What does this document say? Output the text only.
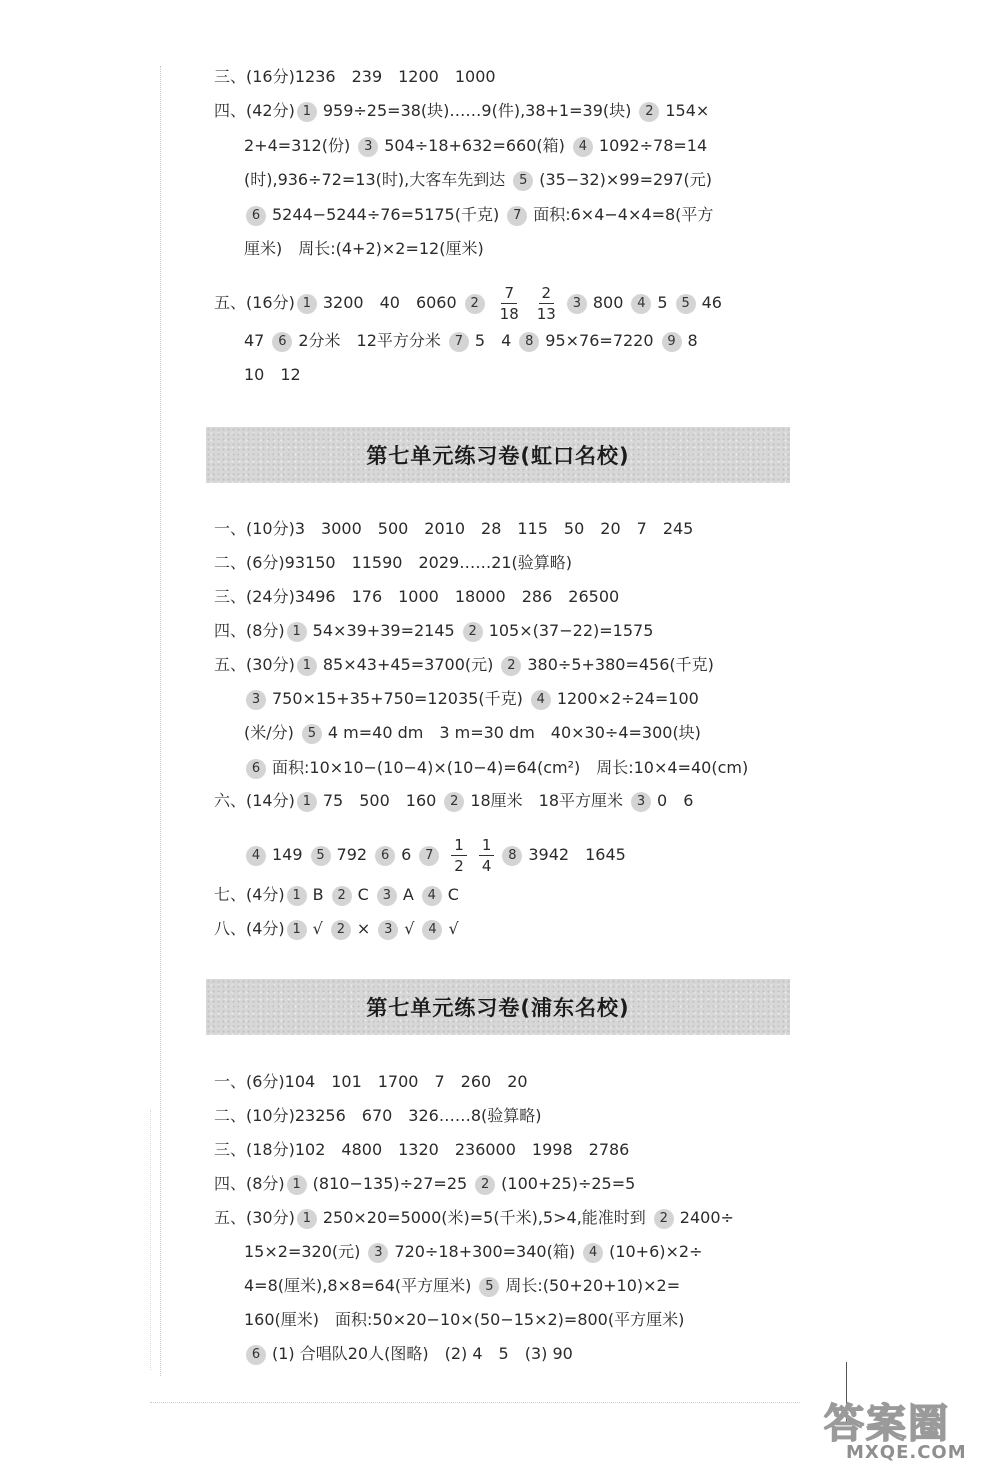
三、(16分)1236　239　1200　1000
四、(42分) 1 959÷25=38(块)……9(件),38+1=39(块) 2 154×
2+4=312(份) 3 504÷18+632=660(箱) 4 1092÷78=14
(时),936÷72=13(时),大客车先到达 5 (35−32)×99=297(元)
6 5244−5244÷76=5175(千克) 7 面积:6×4−4×4=8(平方
厘米)　周长:(4+2)×2=12(厘米)
五、(16分) 1 3200　40　6060 $2 \frac{7}{18} \frac{2}{13} 3$ 800 4 5 5 46
47 6 2分米　12平方分米 7 5　4 8 95×76=7220 9 8
10　12
第七单元练习卷(虹口名校)
一、(10分)3　3000　500　2010　28　115　50　20　7　245
二、(6分)93150　11590　2029……21(验算略)
三、(24分)3496　176　1000　18000　286　26500
四、(8分) 1 54×39+39=2145 2 105×(37−22)=1575
五、(30分) 1 85×43+45=3700(元) 2 380÷5+380=456(千克)
3 750×15+35+750=12035(千克) 4 1200×2÷24=100
(米/分) 5 4 m=40 dm　3 m=30 dm　40×30÷4=300(块)
6 面积:10×10−(10−4)×(10−4)=64(cm²)　周长:10×4=40(cm)
六、(14分) 1 75　500　160 2 18厘米　18平方厘米 3 0　6
4 149 5 792 6 6 $7 \frac{1}{2} \frac{1}{4} 8$ 3942　1645
七、(4分) 1 B 2 C 3 A 4 C
八、(4分) 1 √ 2 × 3 √ 4 √
第七单元练习卷(浦东名校)
一、(6分)104　101　1700　7　260　20
二、(10分)23256　670　326……8(验算略)
三、(18分)102　4800　1320　236000　1998　2786
四、(8分) 1 (810−135)÷27=25 2 (100+25)÷25=5
五、(30分) 1 250×20=5000(米)=5(千米),5>4,能准时到 2 2400÷
15×2=320(元) 3 720÷18+300=340(箱) 4 (10+6)×2÷
4=8(厘米),8×8=64(平方厘米) 5 周长:(50+20+10)×2=
160(厘米)　面积:50×20−10×(50−15×2)=800(平方厘米)
6 (1) 合唱队20人(图略)　(2) 4　5　(3) 90
答案圈
MXQE.COM
